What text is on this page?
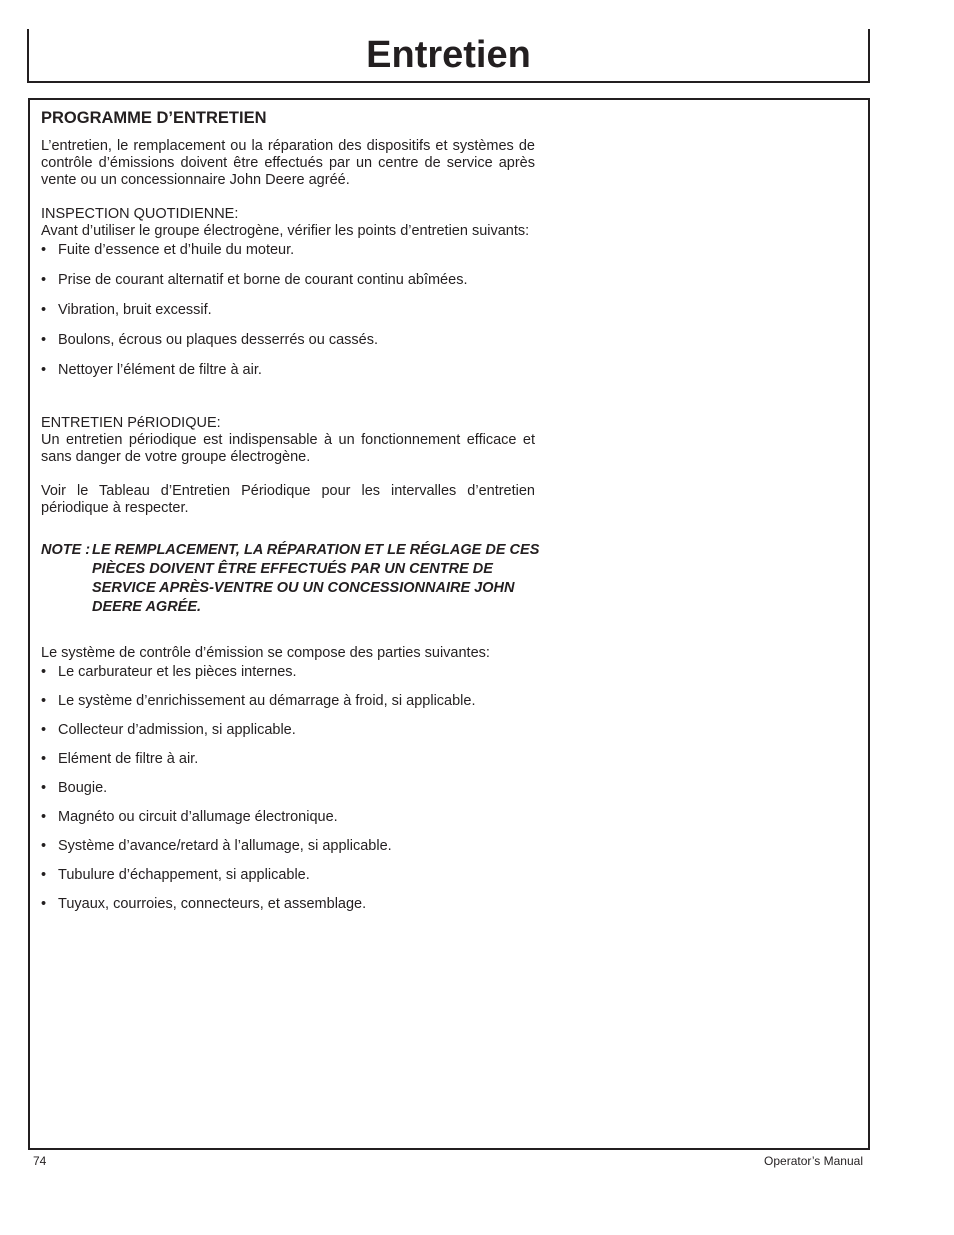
Entretien
PROGRAMME D’ENTRETIEN

L’entretien, le remplacement ou la réparation des dispositifs et systèmes de contrôle d’émissions doivent être effectués par un centre de service après vente ou un concessionnaire John Deere agréé.

INSPECTION QUOTIDIENNE:

Avant d’utiliser le groupe électrogène, vérifier les points d’entretien suivants:

• Fuite d’essence et d’huile du moteur.
• Prise de courant alternatif et borne de courant continu abîmées.
• Vibration, bruit excessif.
• Boulons, écrous ou plaques desserrés ou cassés.
• Nettoyer l’élément de filtre à air.
ENTRETIEN PéRIODIQUE:

Un entretien périodique est indispensable à un fonctionnement efficace et sans danger de votre groupe électrogène.

Voir le Tableau d’Entretien Périodique pour les intervalles d’entretien périodique à respecter.

NOTE : LE REMPLACEMENT, LA RÉPARATION ET LE RÉGLAGE DE CES PIÈCES DOIVENT ÊTRE EFFECTUÉS PAR UN CENTRE DE SERVICE APRÈS-VENTRE OU UN CONCESSIONNAIRE JOHN DEERE AGRÉE.
Le système de contrôle d’émission se compose des parties suivantes:
• Le carburateur et les pièces internes.
• Le système d’enrichissement au démarrage à froid, si applicable.
• Collecteur d’admission, si applicable.
• Elément de filtre à air.
• Bougie.
• Magnéto ou circuit d’allumage électronique.
• Système d’avance/retard à l’allumage, si applicable.
• Tubulure d’échappement, si applicable.
• Tuyaux, courroies, connecteurs, et assemblage.
74	Operator’s Manual
